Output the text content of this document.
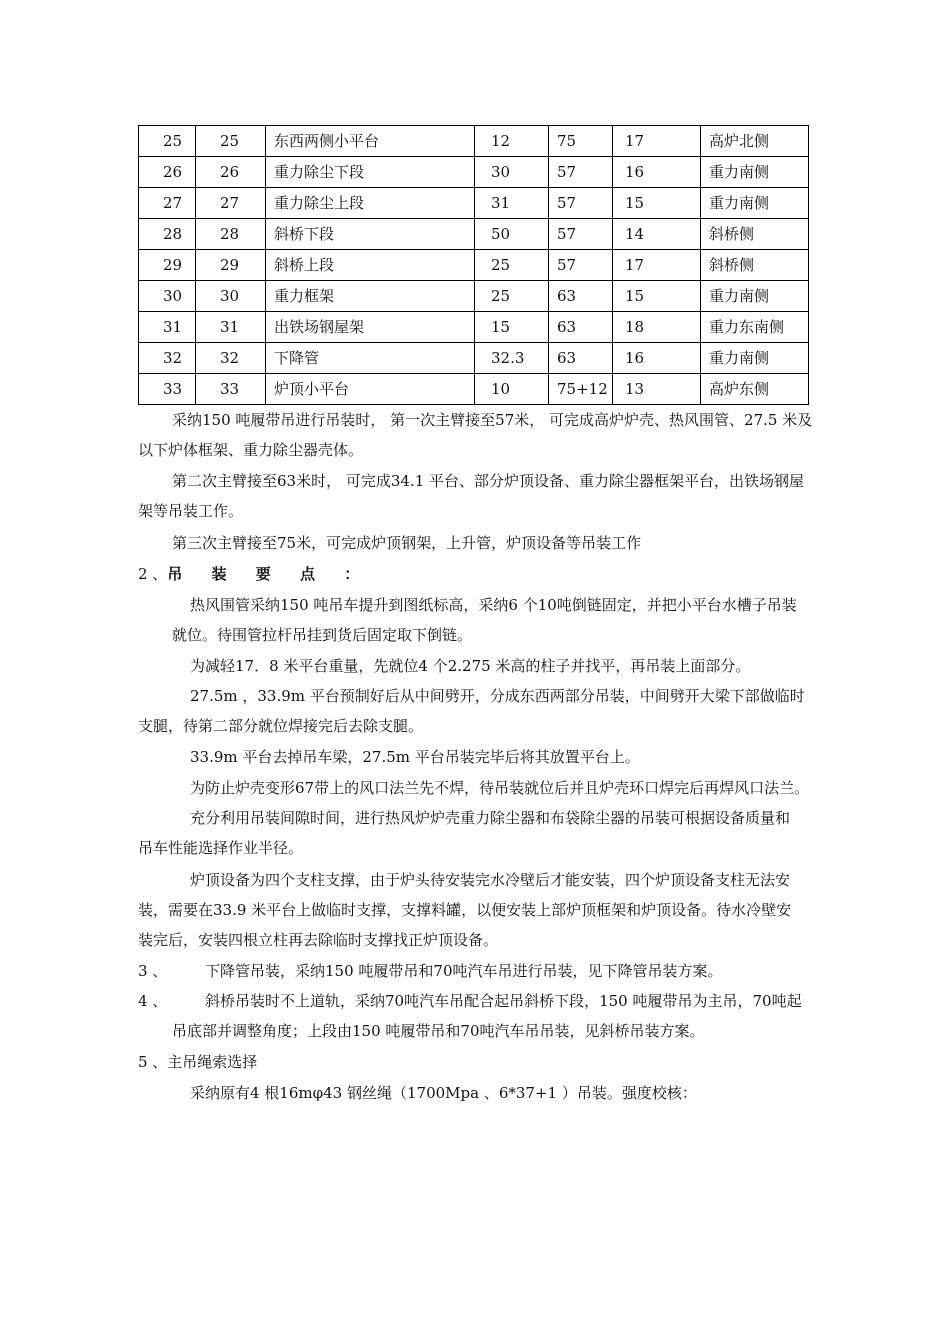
25	25	东西两侧小平台	12	75	17	高炉北侧
26	26	重力除尘下段	30	57	16	重力南侧
27	27	重力除尘上段	31	57	15	重力南侧
28	28	斜桥下段	50	57	14	斜桥侧
29	29	斜桥上段	25	57	17	斜桥侧
30	30	重力框架	25	63	15	重力南侧
31	31	出铁场钢屋架	15	63	18	重力东南侧
32	32	下降管	32.3	63	16	重力南侧
33	33	炉顶小平台	10	75+12	13	高炉东侧
采纳150 吨履带吊进行吊装时， 第一次主臂接至57米， 可完成高炉炉壳、热风围管、27.5 米及
以下炉体框架、重力除尘器壳体。
第二次主臂接至63米时， 可完成34.1 平台、部分炉顶设备、重力除尘器框架平台，出铁场钢屋
架等吊装工作。
第三次主臂接至75米，可完成炉顶钢架，上升管，炉顶设备等吊装工作
2 、吊 装 要 点 ：
热风围管采纳150 吨吊车提升到图纸标高，采纳6 个10吨倒链固定，并把小平台水槽子吊装
就位。待围管拉杆吊挂到货后固定取下倒链。
为减轻17．8 米平台重量，先就位4 个2.275 米高的柱子并找平，再吊装上面部分。
27.5m ，33.9m 平台预制好后从中间劈开，分成东西两部分吊装，中间劈开大梁下部做临时
支腿，待第二部分就位焊接完后去除支腿。
33.9m 平台去掉吊车梁，27.5m 平台吊装完毕后将其放置平台上。
为防止炉壳变形67带上的风口法兰先不焊，待吊装就位后并且炉壳环口焊完后再焊风口法兰。
充分利用吊装间隙时间，进行热风炉炉壳重力除尘器和布袋除尘器的吊装可根据设备质量和
吊车性能选择作业半径。
炉顶设备为四个支柱支撑，由于炉头待安装完水冷壁后才能安装，四个炉顶设备支柱无法安
装，需要在33.9 米平台上做临时支撑，支撑料罐，以便安装上部炉顶框架和炉顶设备。待水冷壁安
装完后，安装四根立柱再去除临时支撑找正炉顶设备。
3 、	下降管吊装，采纳150 吨履带吊和70吨汽车吊进行吊装，见下降管吊装方案。
4 、	斜桥吊装时不上道轨，采纳70吨汽车吊配合起吊斜桥下段，150 吨履带吊为主吊，70吨起
吊底部并调整角度；上段由150 吨履带吊和70吨汽车吊吊装，见斜桥吊装方案。
5 、主吊绳索选择
采纳原有4 根16mφ43 钢丝绳（1700Mpa 、6*37+1 ）吊装。强度校核：
